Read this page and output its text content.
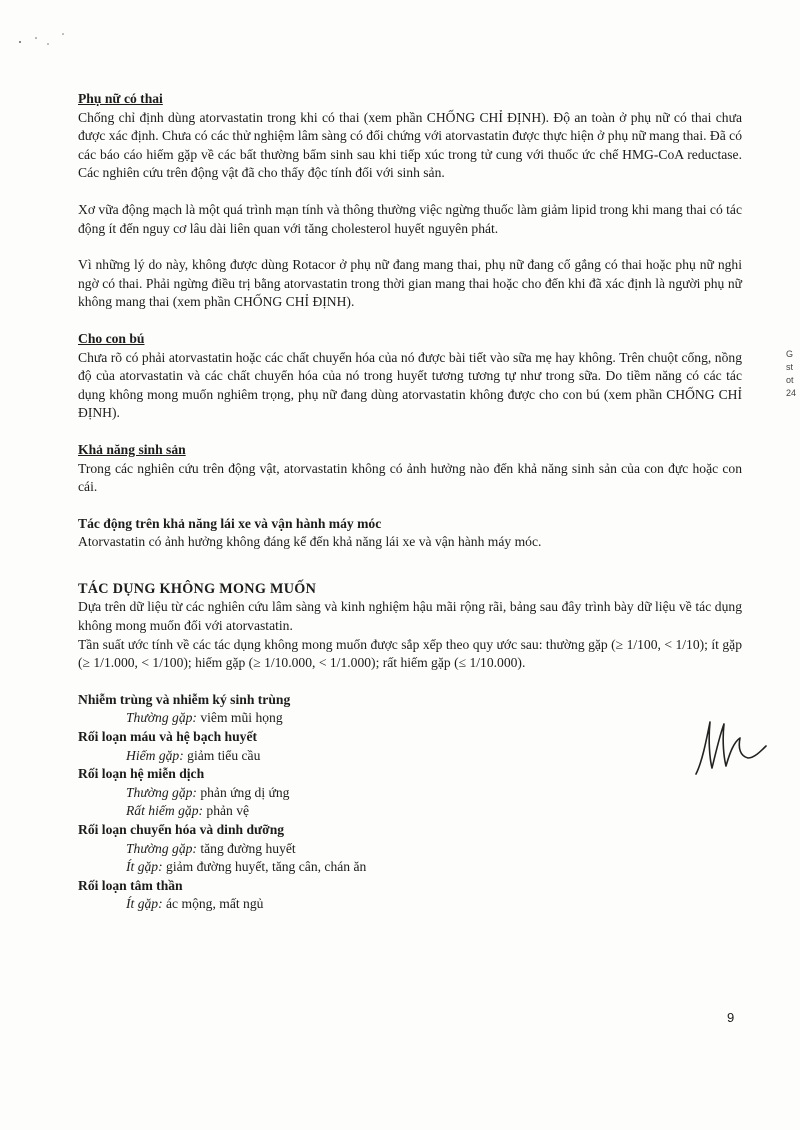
Phụ nữ có thai

Chống chỉ định dùng atorvastatin trong khi có thai (xem phần CHỐNG CHỈ ĐỊNH). Độ an toàn ở phụ nữ có thai chưa được xác định. Chưa có các thử nghiệm lâm sàng có đối chứng với atorvastatin được thực hiện ở phụ nữ mang thai. Đã có các báo cáo hiếm gặp về các bất thường bẩm sinh sau khi tiếp xúc trong tử cung với thuốc ức chế HMG-CoA reductase. Các nghiên cứu trên động vật đã cho thấy độc tính đối với sinh sản.

Xơ vữa động mạch là một quá trình mạn tính và thông thường việc ngừng thuốc làm giảm lipid trong khi mang thai có tác động ít đến nguy cơ lâu dài liên quan với tăng cholesterol huyết nguyên phát.

Vì những lý do này, không được dùng Rotacor ở phụ nữ đang mang thai, phụ nữ đang cố gắng có thai hoặc phụ nữ nghi ngờ có thai. Phải ngừng điều trị bằng atorvastatin trong thời gian mang thai hoặc cho đến khi đã xác định là người phụ nữ không mang thai (xem phần CHỐNG CHỈ ĐỊNH).

Cho con bú

Chưa rõ có phải atorvastatin hoặc các chất chuyển hóa của nó được bài tiết vào sữa mẹ hay không. Trên chuột cống, nồng độ của atorvastatin và các chất chuyển hóa của nó trong huyết tương tương tự như trong sữa. Do tiềm năng có các tác dụng không mong muốn nghiêm trọng, phụ nữ đang dùng atorvastatin không được cho con bú (xem phần CHỐNG CHỈ ĐỊNH).

Khả năng sinh sản

Trong các nghiên cứu trên động vật, atorvastatin không có ảnh hưởng nào đến khả năng sinh sản của con đực hoặc con cái.

Tác động trên khả năng lái xe và vận hành máy móc

Atorvastatin có ảnh hưởng không đáng kể đến khả năng lái xe và vận hành máy móc.

TÁC DỤNG KHÔNG MONG MUỐN

Dựa trên dữ liệu từ các nghiên cứu lâm sàng và kinh nghiệm hậu mãi rộng rãi, bảng sau đây trình bày dữ liệu về tác dụng không mong muốn đối với atorvastatin.

Tần suất ước tính về các tác dụng không mong muốn được sắp xếp theo quy ước sau: thường gặp (≥ 1/100, < 1/10); ít gặp (≥ 1/1.000, < 1/100); hiếm gặp (≥ 1/10.000, < 1/1.000); rất hiếm gặp (≤ 1/10.000).

Nhiễm trùng và nhiễm ký sinh trùng

Thường gặp: viêm mũi họng

Rối loạn máu và hệ bạch huyết

Hiếm gặp: giảm tiểu cầu

Rối loạn hệ miễn dịch

Thường gặp: phản ứng dị ứng

Rất hiếm gặp: phản vệ

Rối loạn chuyển hóa và dinh dưỡng

Thường gặp: tăng đường huyết

Ít gặp: giảm đường huyết, tăng cân, chán ăn

Rối loạn tâm thần

Ít gặp: ác mộng, mất ngủ

G
st
ot
24
9
